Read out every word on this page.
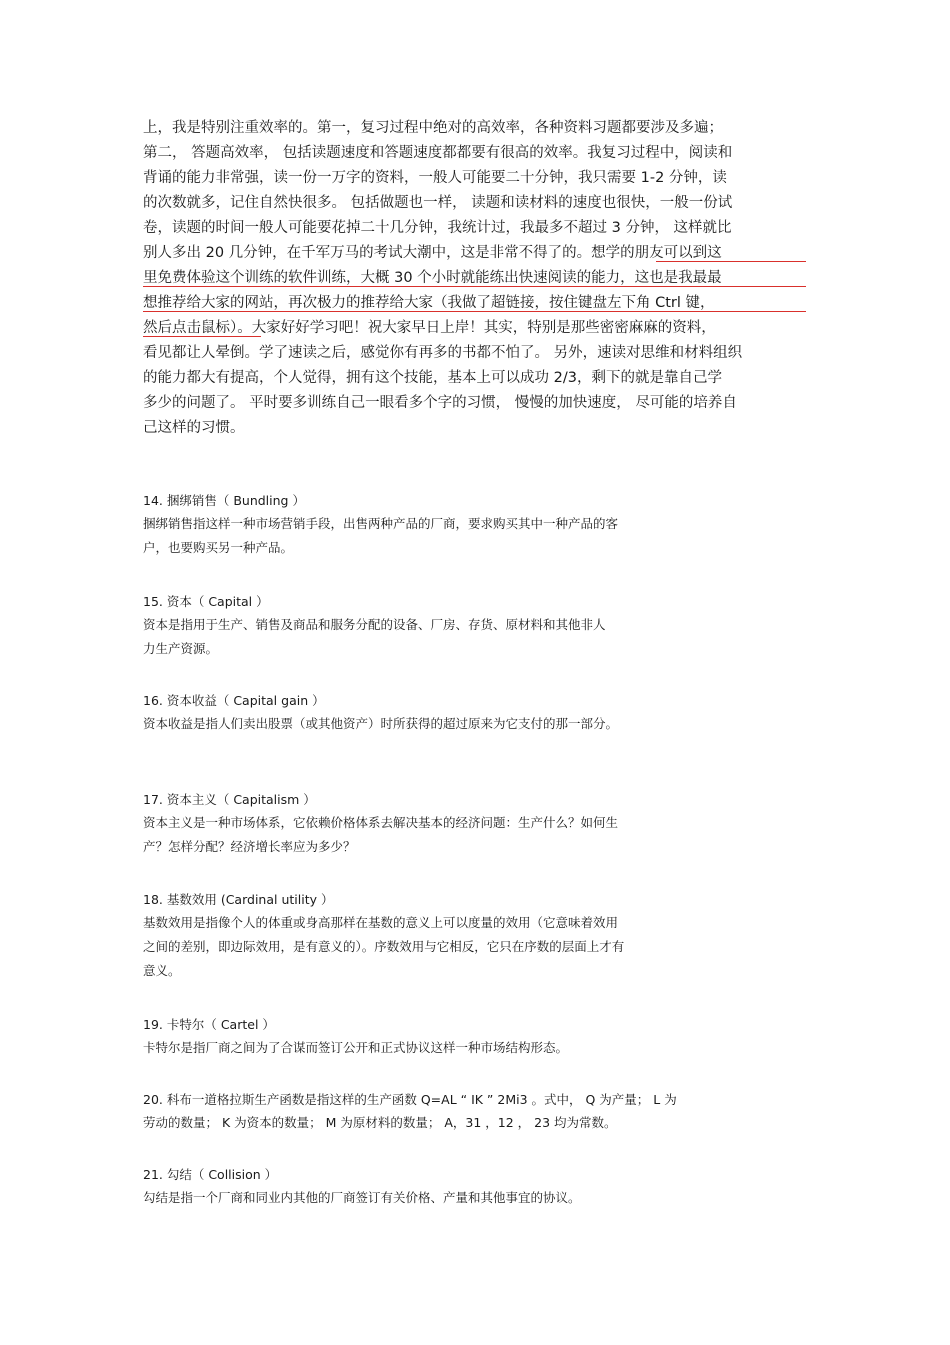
上，我是特别注重效率的。第一，复习过程中绝对的高效率，各种资料习题都要涉及多遍；
第二， 答题高效率， 包括读题速度和答题速度都都要有很高的效率。我复习过程中，阅读和
背诵的能力非常强，读一份一万字的资料，一般人可能要二十分钟，我只需要 1-2 分钟，读
的次数就多，记住自然快很多。 包括做题也一样， 读题和读材料的速度也很快，一般一份试
卷，读题的时间一般人可能要花掉二十几分钟，我统计过，我最多不超过 3 分钟， 这样就比
别人多出 20 几分钟，在千军万马的考试大潮中，这是非常不得了的。想学的朋友可以到这
里免费体验这个训练的软件训练，大概 30 个小时就能练出快速阅读的能力，这也是我最最
想推荐给大家的网站，再次极力的推荐给大家（我做了超链接，按住键盘左下角 Ctrl 键，
然后点击鼠标）。大家好好学习吧！祝大家早日上岸！其实，特别是那些密密麻麻的资料，
看见都让人晕倒。学了速读之后，感觉你有再多的书都不怕了。 另外，速读对思维和材料组织
的能力都大有提高，个人觉得，拥有这个技能，基本上可以成功 2/3，剩下的就是靠自己学
多少的问题了。 平时要多训练自己一眼看多个字的习惯， 慢慢的加快速度， 尽可能的培养自
己这样的习惯。
14. 捆绑销售（ Bundling ）
捆绑销售指这样一种市场营销手段，出售两种产品的厂商，要求购买其中一种产品的客
户，也要购买另一种产品。
15. 资本（ Capital ）
资本是指用于生产、销售及商品和服务分配的设备、厂房、存货、原材料和其他非人
力生产资源。
16. 资本收益（ Capital gain ）
资本收益是指人们卖出股票（或其他资产）时所获得的超过原来为它支付的那一部分。
17. 资本主义（ Capitalism ）
资本主义是一种市场体系，它依赖价格体系去解决基本的经济问题：生产什么？如何生
产？怎样分配？经济增长率应为多少？
18. 基数效用 (Cardinal utility ）
基数效用是指像个人的体重或身高那样在基数的意义上可以度量的效用（它意味着效用
之间的差别，即边际效用，是有意义的）。序数效用与它相反，它只在序数的层面上才有
意义。
19. 卡特尔（ Cartel ）
卡特尔是指厂商之间为了合谋而签订公开和正式协议这样一种市场结构形态。
20. 科布一道格拉斯生产函数是指这样的生产函数 Q=AL “ IK ” 2Mi3 。式中， Q 为产量； L 为
劳动的数量； K 为资本的数量； M 为原材料的数量； A，31 ，12 ， 23 均为常数。
21. 勾结（ Collision ）
勾结是指一个厂商和同业内其他的厂商签订有关价格、产量和其他事宜的协议。
